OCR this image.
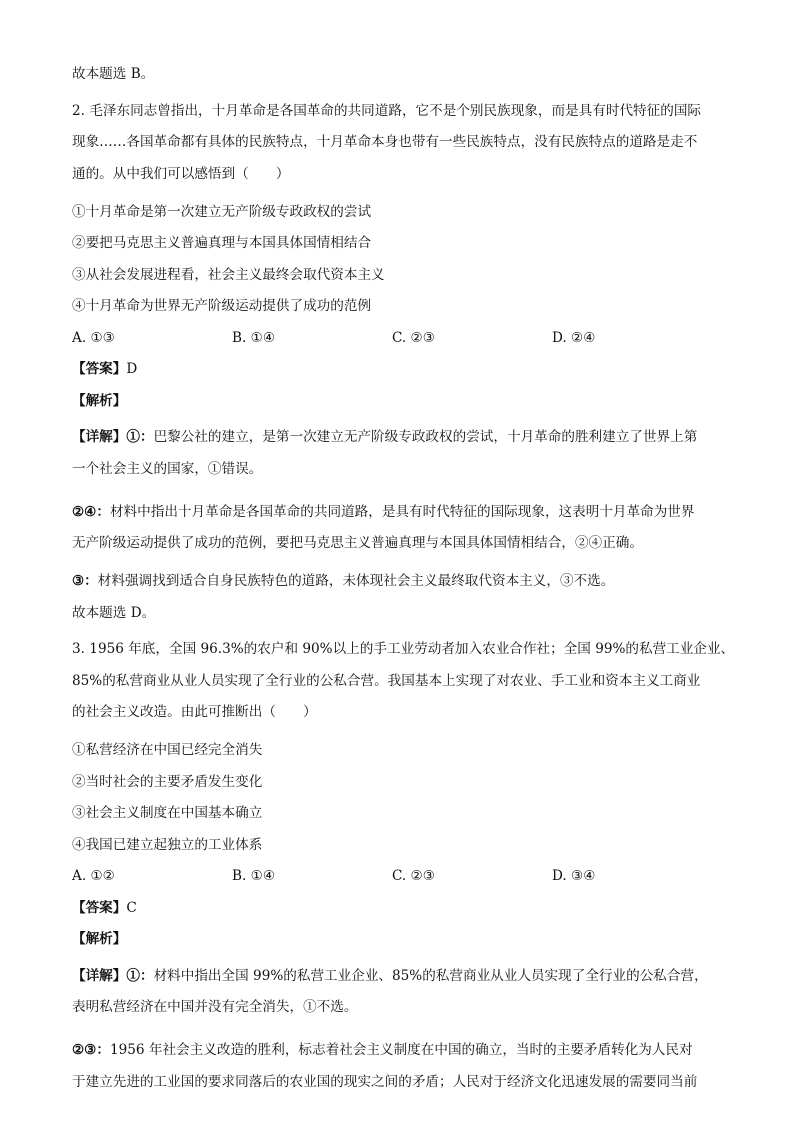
故本题选 B。

2. 毛泽东同志曾指出，十月革命是各国革命的共同道路，它不是个别民族现象，而是具有时代特征的国际

现象……各国革命都有具体的民族特点，十月革命本身也带有一些民族特点，没有民族特点的道路是走不

通的。从中我们可以感悟到（　　）

①十月革命是第一次建立无产阶级专政政权的尝试

②要把马克思主义普遍真理与本国具体国情相结合

③从社会发展进程看，社会主义最终会取代资本主义

④十月革命为世界无产阶级运动提供了成功的范例

A. ①③	B. ①④	C. ②③	D. ②④

【答案】D

【解析】

【详解】①：巴黎公社的建立，是第一次建立无产阶级专政政权的尝试，十月革命的胜利建立了世界上第

一个社会主义的国家，①错误。

②④：材料中指出十月革命是各国革命的共同道路，是具有时代特征的国际现象，这表明十月革命为世界

无产阶级运动提供了成功的范例，要把马克思主义普遍真理与本国具体国情相结合，②④正确。

③：材料强调找到适合自身民族特色的道路，未体现社会主义最终取代资本主义，③不选。

故本题选 D。

3. 1956 年底，全国 96.3%的农户和 90%以上的手工业劳动者加入农业合作社；全国 99%的私营工业企业、

85%的私营商业从业人员实现了全行业的公私合营。我国基本上实现了对农业、手工业和资本主义工商业

的社会主义改造。由此可推断出（　　）

①私营经济在中国已经完全消失

②当时社会的主要矛盾发生变化

③社会主义制度在中国基本确立

④我国已建立起独立的工业体系

A. ①②	B. ①④	C. ②③	D. ③④

【答案】C

【解析】

【详解】①：材料中指出全国 99%的私营工业企业、85%的私营商业从业人员实现了全行业的公私合营，

表明私营经济在中国并没有完全消失，①不选。

②③：1956 年社会主义改造的胜利，标志着社会主义制度在中国的确立，当时的主要矛盾转化为人民对

于建立先进的工业国的要求同落后的农业国的现实之间的矛盾；人民对于经济文化迅速发展的需要同当前
